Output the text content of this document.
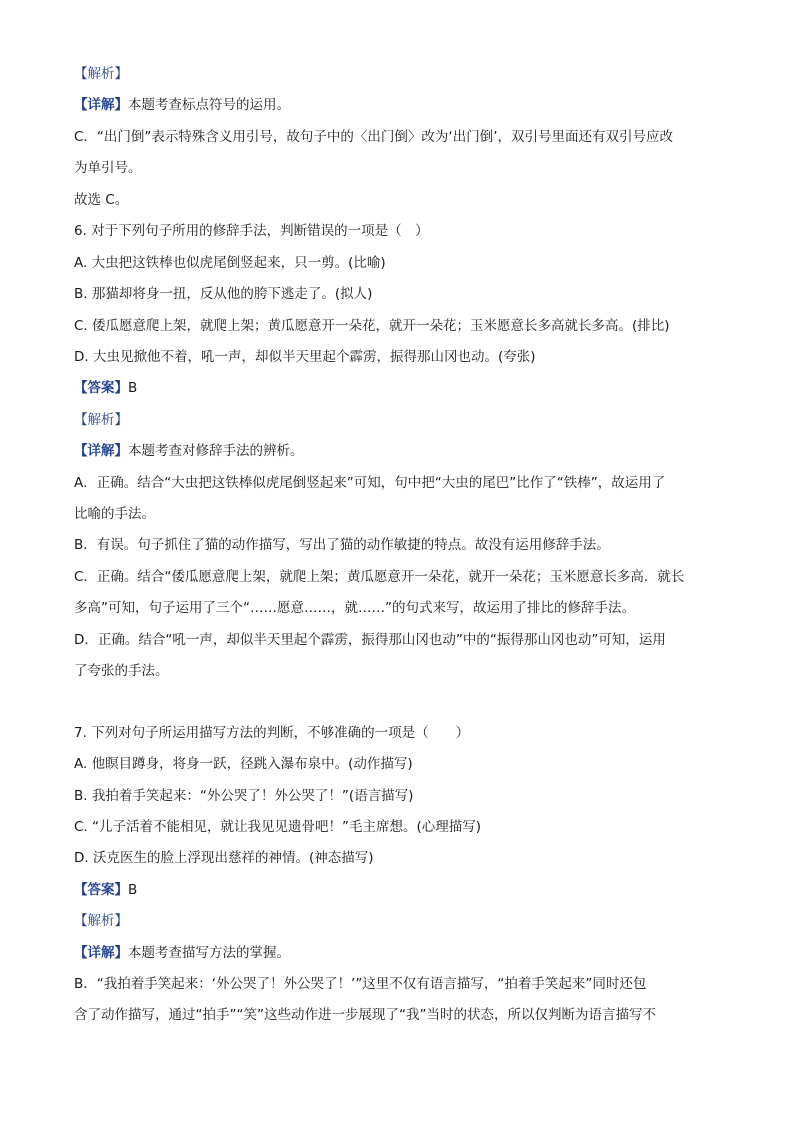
【解析】
【详解】本题考查标点符号的运用。
C．“出门倒”表示特殊含义用引号，故句子中的〈出门倒〉改为‘出门倒’，双引号里面还有双引号应改
为单引号。
故选 C。
6. 对于下列句子所用的修辞手法，判断错误的一项是（　）
A. 大虫把这铁棒也似虎尾倒竖起来，只一剪。(比喻)
B. 那猫却将身一扭，反从他的胯下逃走了。(拟人)
C. 倭瓜愿意爬上架，就爬上架；黄瓜愿意开一朵花，就开一朵花；玉米愿意长多高就长多高。(排比)
D. 大虫见掀他不着，吼一声，却似半天里起个霹雳，振得那山冈也动。(夸张)
【答案】B
【解析】
【详解】本题考查对修辞手法的辨析。
A．正确。结合“大虫把这铁棒似虎尾倒竖起来”可知，句中把“大虫的尾巴”比作了“铁棒”，故运用了
比喻的手法。
B．有误。句子抓住了猫的动作描写，写出了猫的动作敏捷的特点。故没有运用修辞手法。
C．正确。结合“倭瓜愿意爬上架，就爬上架；黄瓜愿意开一朵花，就开一朵花；玉米愿意长多高．就长
多高”可知，句子运用了三个“……愿意……，就……”的句式来写，故运用了排比的修辞手法。
D．正确。结合“吼一声，却似半天里起个霹雳，振得那山冈也动”中的“振得那山冈也动”可知，运用
了夸张的手法。
7. 下列对句子所运用描写方法的判断，不够准确的一项是（　　）
A. 他瞑目蹲身，将身一跃，径跳入瀑布泉中。(动作描写)
B. 我拍着手笑起来：“外公哭了！外公哭了！”(语言描写)
C. “儿子活着不能相见，就让我见见遗骨吧！”毛主席想。(心理描写)
D. 沃克医生的脸上浮现出慈祥的神情。(神态描写)
【答案】B
【解析】
【详解】本题考查描写方法的掌握。
B．“我拍着手笑起来：‘外公哭了！外公哭了！’”这里不仅有语言描写，“拍着手笑起来”同时还包
含了动作描写，通过“拍手”“笑”这些动作进一步展现了“我”当时的状态，所以仅判断为语言描写不
